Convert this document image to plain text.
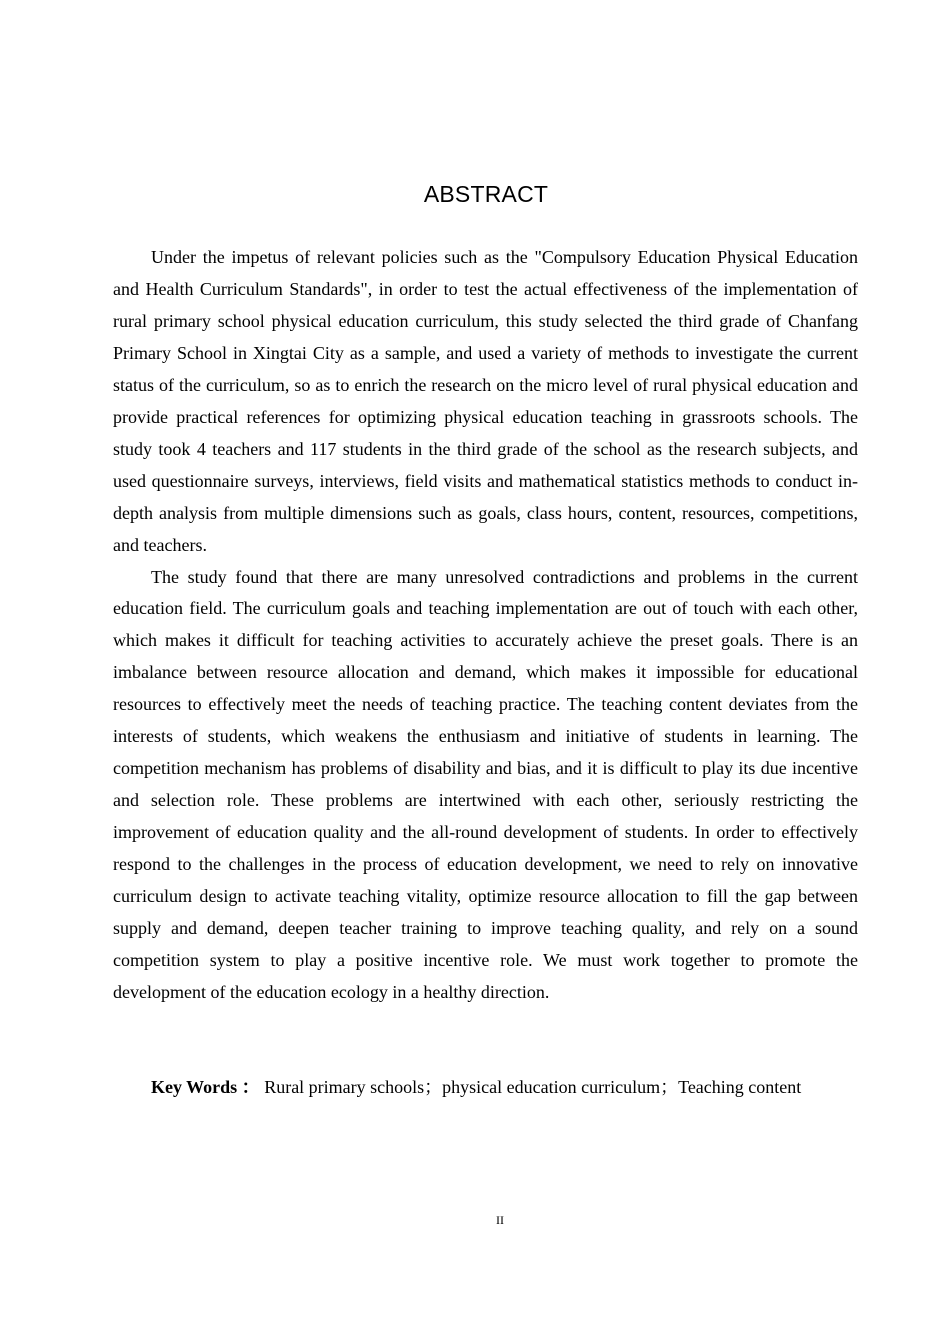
ABSTRACT

Under the impetus of relevant policies such as the "Compulsory Education Physical Education and Health Curriculum Standards", in order to test the actual effectiveness of the implementation of rural primary school physical education curriculum, this study selected the third grade of Chanfang Primary School in Xingtai City as a sample, and used a variety of methods to investigate the current status of the curriculum, so as to enrich the research on the micro level of rural physical education and provide practical references for optimizing physical education teaching in grassroots schools. The study took 4 teachers and 117 students in the third grade of the school as the research subjects, and used questionnaire surveys, interviews, field visits and mathematical statistics methods to conduct in-depth analysis from multiple dimensions such as goals, class hours, content, resources, competitions, and teachers.

The study found that there are many unresolved contradictions and problems in the current education field. The curriculum goals and teaching implementation are out of touch with each other, which makes it difficult for teaching activities to accurately achieve the preset goals. There is an imbalance between resource allocation and demand, which makes it impossible for educational resources to effectively meet the needs of teaching practice. The teaching content deviates from the interests of students, which weakens the enthusiasm and initiative of students in learning. The competition mechanism has problems of disability and bias, and it is difficult to play its due incentive and selection role. These problems are intertwined with each other, seriously restricting the improvement of education quality and the all-round development of students. In order to effectively respond to the challenges in the process of education development, we need to rely on innovative curriculum design to activate teaching vitality, optimize resource allocation to fill the gap between supply and demand, deepen teacher training to improve teaching quality, and rely on a sound competition system to play a positive incentive role. We must work together to promote the development of the education ecology in a healthy direction.

Key Words ： Rural primary schools；physical education curriculum；Teaching content
II
